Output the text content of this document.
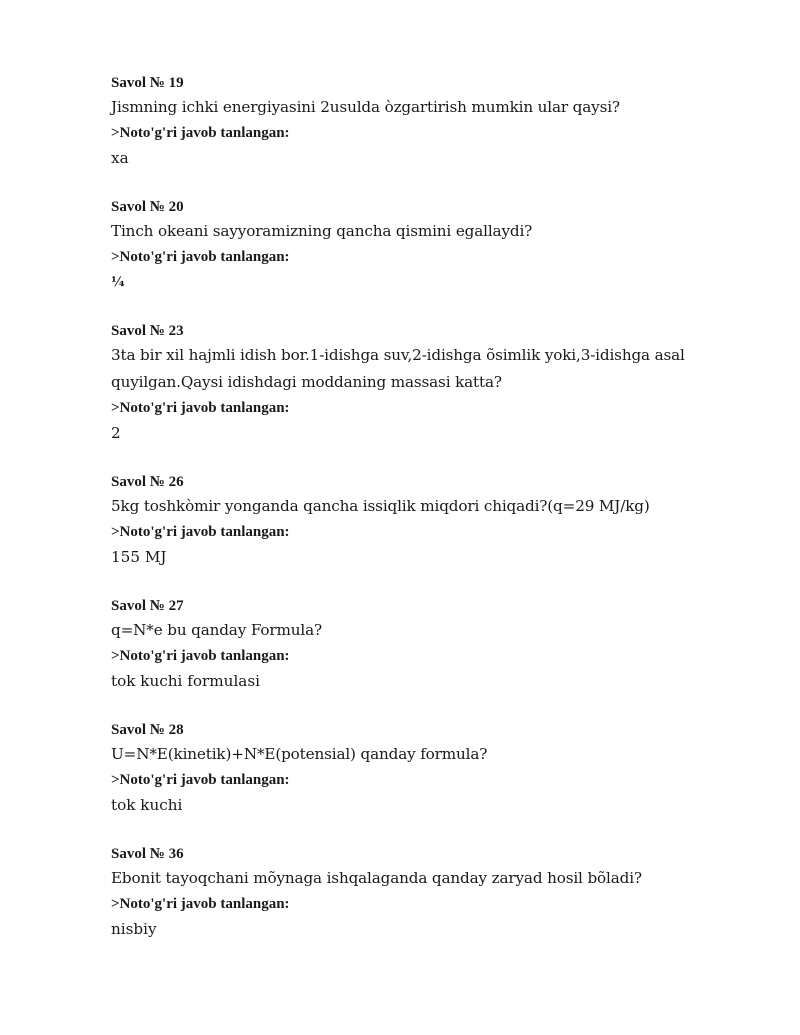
Savol № 19
Jismning ichki energiyasini 2usulda òzgartirish mumkin ular qaysi?
>Noto'g'ri javob tanlangan:
xa
Savol № 20
Tinch okeani sayyoramizning qancha qismini egallaydi?
>Noto'g'ri javob tanlangan:
¼
Savol № 23
3ta bir xil hajmli idish bor.1-idishga suv,2-idishga õsimlik yoki,3-idishga asal quyilgan.Qaysi idishdagi moddaning massasi katta?
>Noto'g'ri javob tanlangan:
2
Savol № 26
5kg toshkòmir yonganda qancha issiqlik miqdori chiqadi?(q=29 MJ/kg)
>Noto'g'ri javob tanlangan:
155 MJ
Savol № 27
q=N*e bu qanday Formula?
>Noto'g'ri javob tanlangan:
tok kuchi formulasi
Savol № 28
U=N*E(kinetik)+N*E(potensial) qanday formula?
>Noto'g'ri javob tanlangan:
tok kuchi
Savol № 36
Ebonit tayoqchani mõynaga ishqalaganda qanday zaryad hosil bõladi?
>Noto'g'ri javob tanlangan:
nisbiy
